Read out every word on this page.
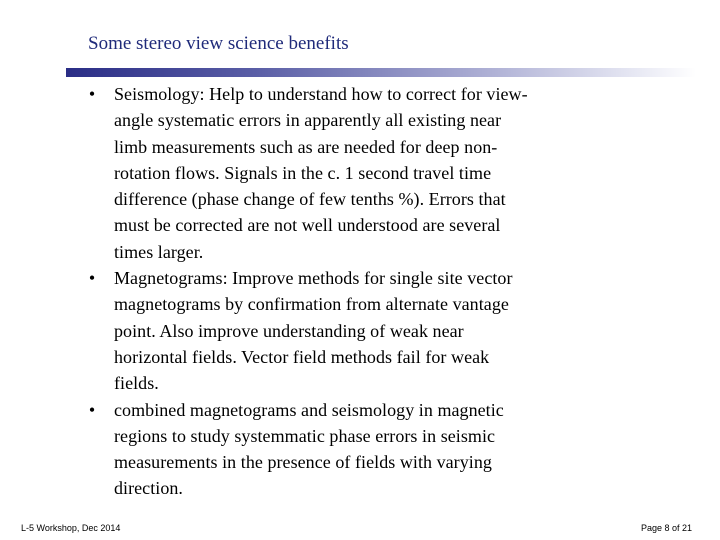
Some stereo view science benefits
• Seismology: Help to understand how to correct for view-
angle systematic errors in apparently all existing near
limb measurements such as are needed for deep non-
rotation flows. Signals in the c. 1 second travel time
difference (phase change of few tenths %). Errors that
must be corrected are not well understood are several
times larger.
• Magnetograms: Improve methods for single site vector
magnetograms by confirmation from alternate vantage
point. Also improve understanding of weak near
horizontal fields. Vector field methods fail for weak
fields.
• combined magnetograms and seismology in magnetic
regions to study systemmatic phase errors in seismic
measurements in the presence of fields with varying
direction.
L-5 Workshop, Dec 2014	Page 8 of 21
